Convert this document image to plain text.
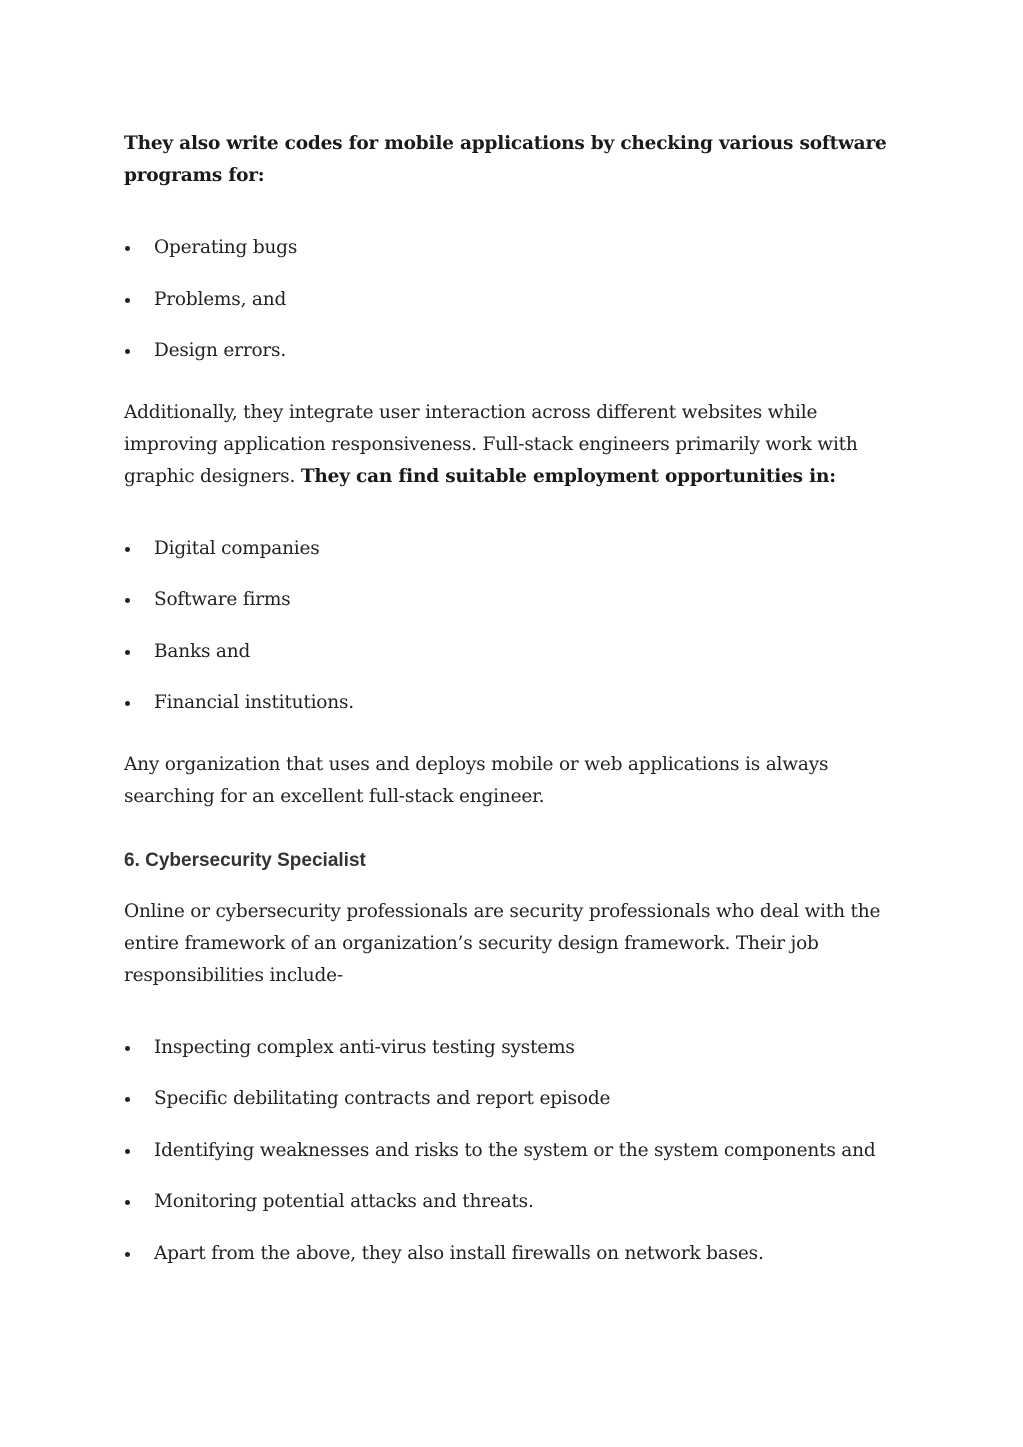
They also write codes for mobile applications by checking various software programs for:

Operating bugs
Problems, and
Design errors.

Additionally, they integrate user interaction across different websites while improving application responsiveness. Full-stack engineers primarily work with graphic designers. They can find suitable employment opportunities in:

Digital companies
Software firms
Banks and
Financial institutions.

Any organization that uses and deploys mobile or web applications is always searching for an excellent full-stack engineer.

6. Cybersecurity Specialist

Online or cybersecurity professionals are security professionals who deal with the entire framework of an organization’s security design framework. Their job responsibilities include-

Inspecting complex anti-virus testing systems
Specific debilitating contracts and report episode
Identifying weaknesses and risks to the system or the system components and
Monitoring potential attacks and threats.
Apart from the above, they also install firewalls on network bases.
